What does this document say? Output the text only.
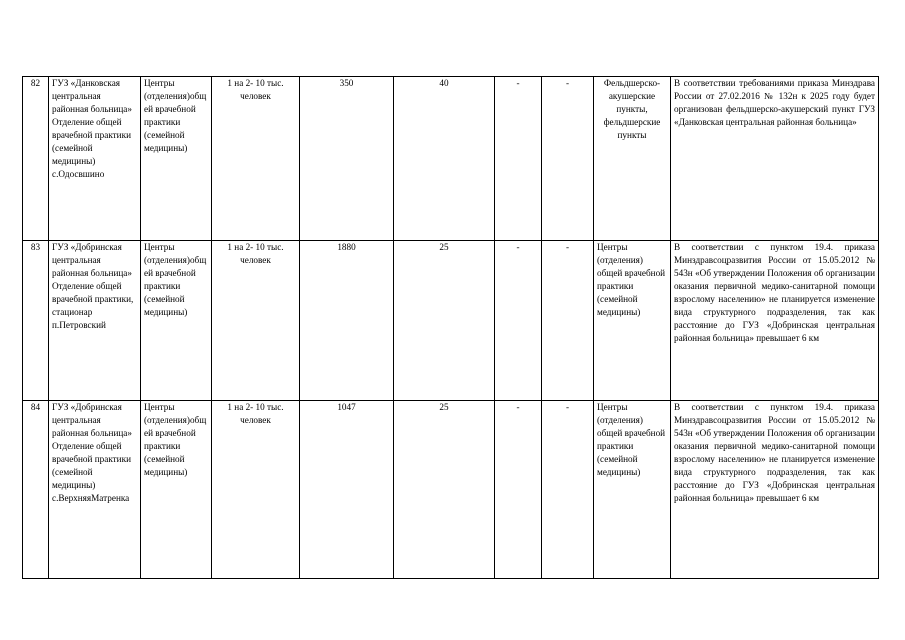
82	ГУЗ «Данковская центральная районная больница» Отделение общей врачебной практики (семейной медицины) с.Одосвшино	Центры (отделения)общей врачебной практики (семейной медицины)	1 на 2- 10 тыс. человек	350	40	-	-	Фельдшерско-акушерские пункты, фельдшерские пункты	В соответствии требованиями приказа Минздрава России от 27.02.2016 № 132н к 2025 году будет организован фельдшерско-акушерский пункт ГУЗ «Данковская центральная районная больница»
83	ГУЗ «Добринская центральная районная больница» Отделение общей врачебной практики, стационар п.Петровский	Центры (отделения)общей врачебной практики (семейной медицины)	1 на 2- 10 тыс. человек	1880	25	-	-	Центры (отделения) общей врачебной практики (семейной медицины)	В соответствии с пунктом 19.4. приказа Минздравсоцразвития России от 15.05.2012 № 543н «Об утверждении Положения об организации оказания первичной медико-санитарной помощи взрослому населению» не планируется изменение вида структурного подразделения, так как расстояние до ГУЗ «Добринская центральная районная больница» превышает 6 км
84	ГУЗ «Добринская центральная районная больница» Отделение общей врачебной практики (семейной медицины) с.ВерхняяМатренка	Центры (отделения)общей врачебной практики (семейной медицины)	1 на 2- 10 тыс. человек	1047	25	-	-	Центры (отделения) общей врачебной практики (семейной медицины)	В соответствии с пунктом 19.4. приказа Минздравсоцразвития России от 15.05.2012 № 543н «Об утверждении Положения об организации оказания первичной медико-санитарной помощи взрослому населению» не планируется изменение вида структурного подразделения, так как расстояние до ГУЗ «Добринская центральная районная больница» превышает 6 км
